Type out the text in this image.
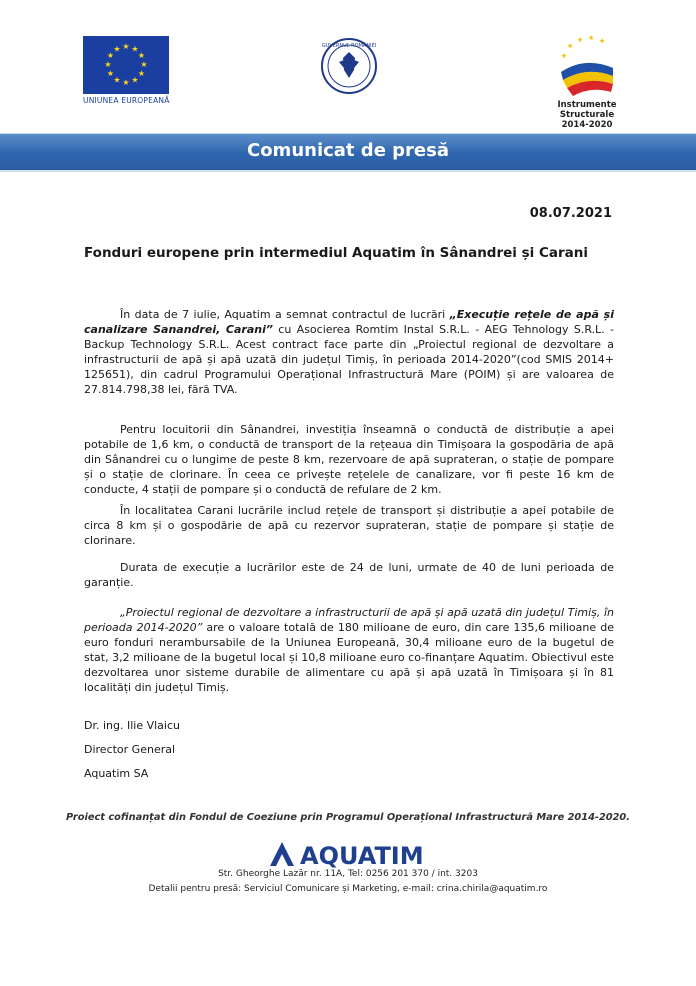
★ ★
★
★
★
★
★
★
★
★
★
★
UNIUNEA EUROPEANĂ
GUVERNUL ROMÂNIEI	★
★ ★ ★
★
Instrumente Structurale
2014-2020
Comunicat de presă
08.07.2021
Fonduri europene prin intermediul Aquatim în Sânandrei și Carani
În data de 7 iulie, Aquatim a semnat contractul de lucrări „Execuție rețele de apă și canalizare Sanandrei, Carani” cu Asocierea Romtim Instal S.R.L. - AEG Tehnology S.R.L. - Backup Technology S.R.L. Acest contract face parte din „Proiectul regional de dezvoltare a infrastructurii de apă și apă uzată din județul Timiș, în perioada 2014-2020”(cod SMIS 2014+ 125651), din cadrul Programului Operațional Infrastructură Mare (POIM) și are valoarea de 27.814.798,38 lei, fără TVA.
Pentru locuitorii din Sânandrei, investiția înseamnă o conductă de distribuție a apei potabile de 1,6 km, o conductă de transport de la rețeaua din Timișoara la gospodăria de apă din Sânandrei cu o lungime de peste 8 km, rezervoare de apă suprateran, o stație de pompare și o stație de clorinare. În ceea ce privește rețelele de canalizare, vor fi peste 16 km de conducte, 4 stații de pompare și o conductă de refulare de 2 km.
În localitatea Carani lucrările includ rețele de transport și distribuție a apei potabile de circa 8 km și o gospodărie de apă cu rezervor suprateran, stație de pompare și stație de clorinare.
Durata de execuție a lucrărilor este de 24 de luni, urmate de 40 de luni perioada de garanție.
„Proiectul regional de dezvoltare a infrastructurii de apă și apă uzată din județul Timiș, în perioada 2014-2020” are o valoare totală de 180 milioane de euro, din care 135,6 milioane de euro fonduri nerambursabile de la Uniunea Europeană, 30,4 milioane euro de la bugetul de stat, 3,2 milioane de la bugetul local și 10,8 milioane euro co-finanțare Aquatim. Obiectivul este dezvoltarea unor sisteme durabile de alimentare cu apă și apă uzată în Timișoara și în 81 localități din județul Timiș.
Dr. ing. Ilie Vlaicu
Director General
Aquatim SA
Proiect cofinanțat din Fondul de Coeziune prin Programul Operațional Infrastructură Mare 2014-2020.
AQUATIM
Str. Gheorghe Lazăr nr. 11A, Tel: 0256 201 370 / int. 3203
Detalii pentru presă: Serviciul Comunicare și Marketing, e-mail: crina.chirila@aquatim.ro
